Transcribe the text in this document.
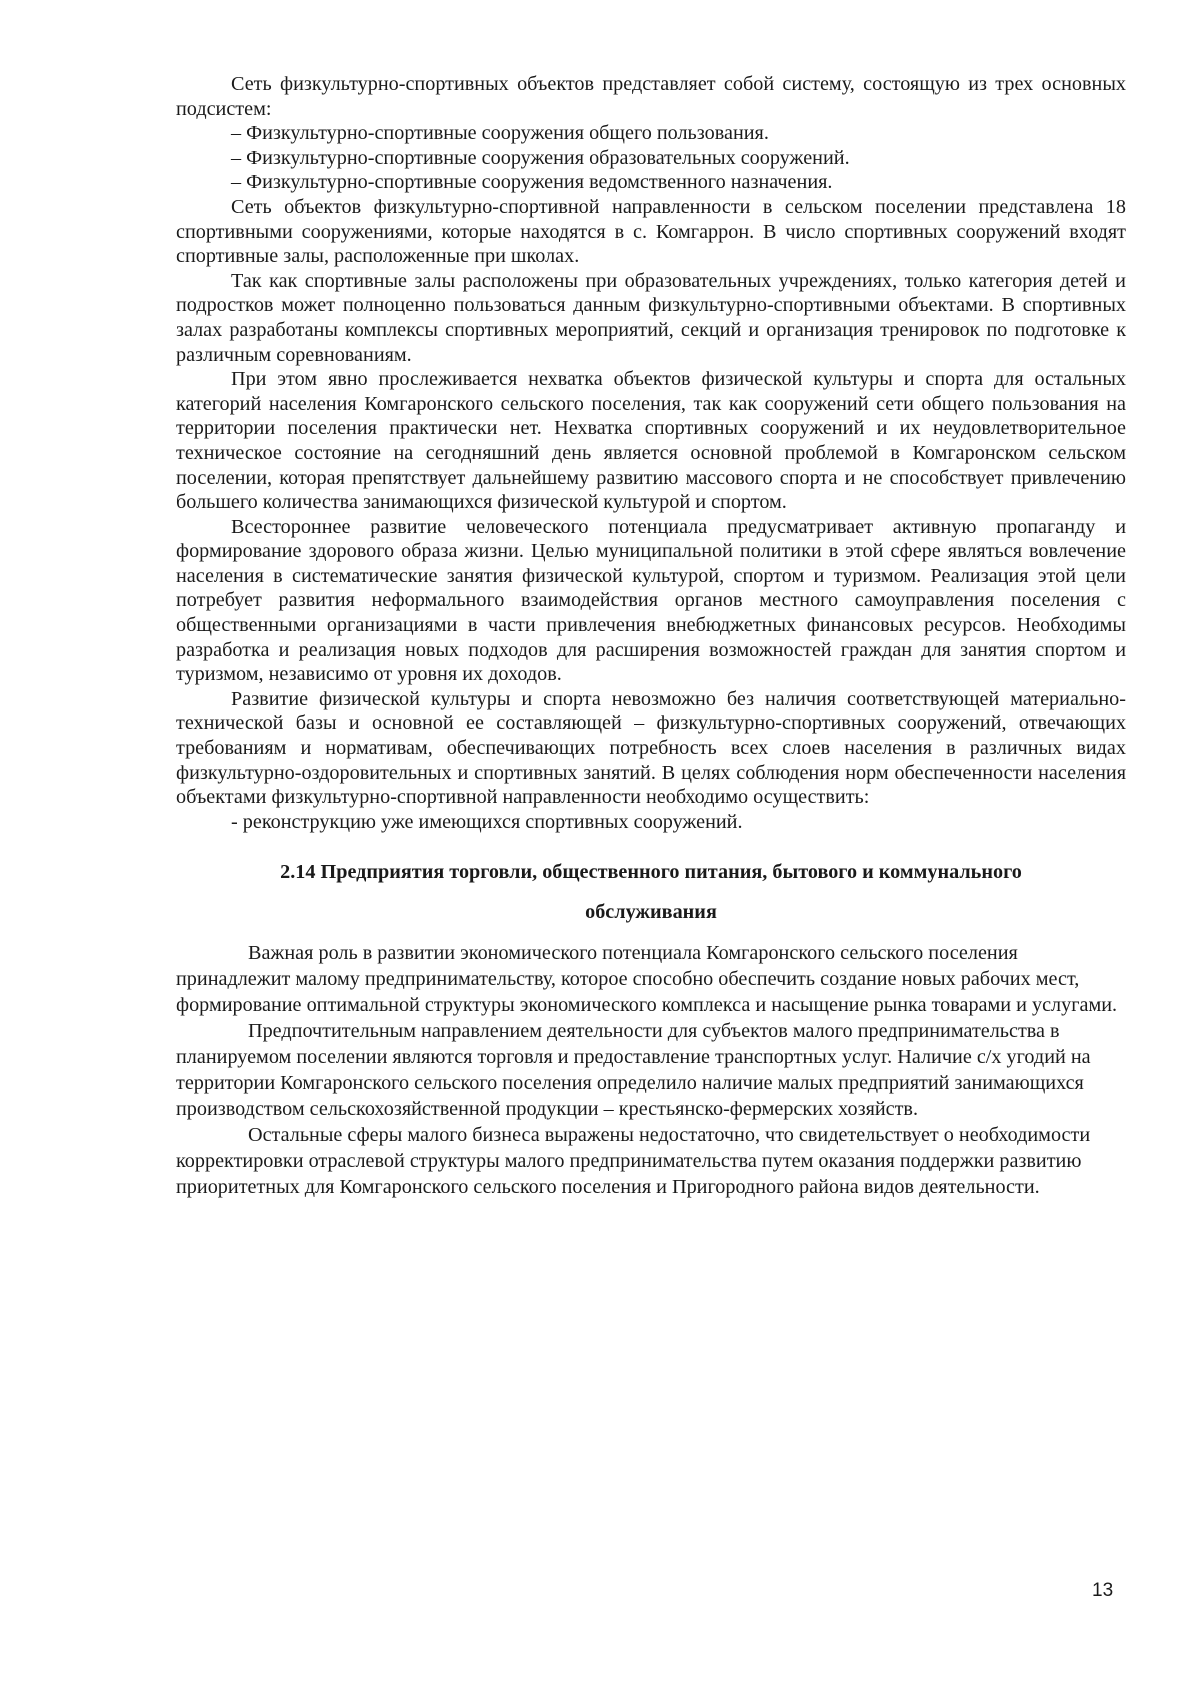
Сеть физкультурно-спортивных объектов представляет собой систему, состоящую из трех основных подсистем:

– Физкультурно-спортивные сооружения общего пользования.

– Физкультурно-спортивные сооружения образовательных сооружений.

– Физкультурно-спортивные сооружения ведомственного назначения.

Сеть объектов физкультурно-спортивной направленности в сельском поселении представлена 18 спортивными сооружениями, которые находятся в с. Комгаррон. В число спортивных сооружений входят спортивные залы, расположенные при школах.

Так как спортивные залы расположены при образовательных учреждениях, только категория детей и подростков может полноценно пользоваться данным физкультурно-спортивными объектами. В спортивных залах разработаны комплексы спортивных мероприятий, секций и организация тренировок по подготовке к различным соревнованиям.

При этом явно прослеживается нехватка объектов физической культуры и спорта для остальных категорий населения Комгаронского сельского поселения, так как сооружений сети общего пользования на территории поселения практически нет. Нехватка спортивных сооружений и их неудовлетворительное техническое состояние на сегодняшний день является основной проблемой в Комгаронском сельском поселении, которая препятствует дальнейшему развитию массового спорта и не способствует привлечению большего количества занимающихся физической культурой и спортом.

Всестороннее развитие человеческого потенциала предусматривает активную пропаганду и формирование здорового образа жизни. Целью муниципальной политики в этой сфере являться вовлечение населения в систематические занятия физической культурой, спортом и туризмом. Реализация этой цели потребует развития неформального взаимодействия органов местного самоуправления поселения с общественными организациями в части привлечения внебюджетных финансовых ресурсов. Необходимы разработка и реализация новых подходов для расширения возможностей граждан для занятия спортом и туризмом, независимо от уровня их доходов.

Развитие физической культуры и спорта невозможно без наличия соответствующей материально-технической базы и основной ее составляющей – физкультурно-спортивных сооружений, отвечающих требованиям и нормативам, обеспечивающих потребность всех слоев населения в различных видах физкультурно-оздоровительных и спортивных занятий. В целях соблюдения норм обеспеченности населения объектами физкультурно-спортивной направленности необходимо осуществить:

- реконструкцию уже имеющихся спортивных сооружений.

2.14 Предприятия торговли, общественного питания, бытового и коммунального
обслуживания

Важная роль в развитии экономического потенциала Комгаронского сельского поселения принадлежит малому предпринимательству, которое способно обеспечить создание новых рабочих мест, формирование оптимальной структуры экономического комплекса и насыщение рынка товарами и услугами.

Предпочтительным направлением деятельности для субъектов малого предпринимательства в планируемом поселении являются торговля и предоставление транспортных услуг. Наличие с/х угодий на территории Комгаронского сельского поселения определило наличие малых предприятий занимающихся производством сельскохозяйственной продукции – крестьянско-фермерских хозяйств.

Остальные сферы малого бизнеса выражены недостаточно, что свидетельствует о необходимости корректировки отраслевой структуры малого предпринимательства путем оказания поддержки развитию приоритетных для Комгаронского сельского поселения и Пригородного района видов деятельности.

13
